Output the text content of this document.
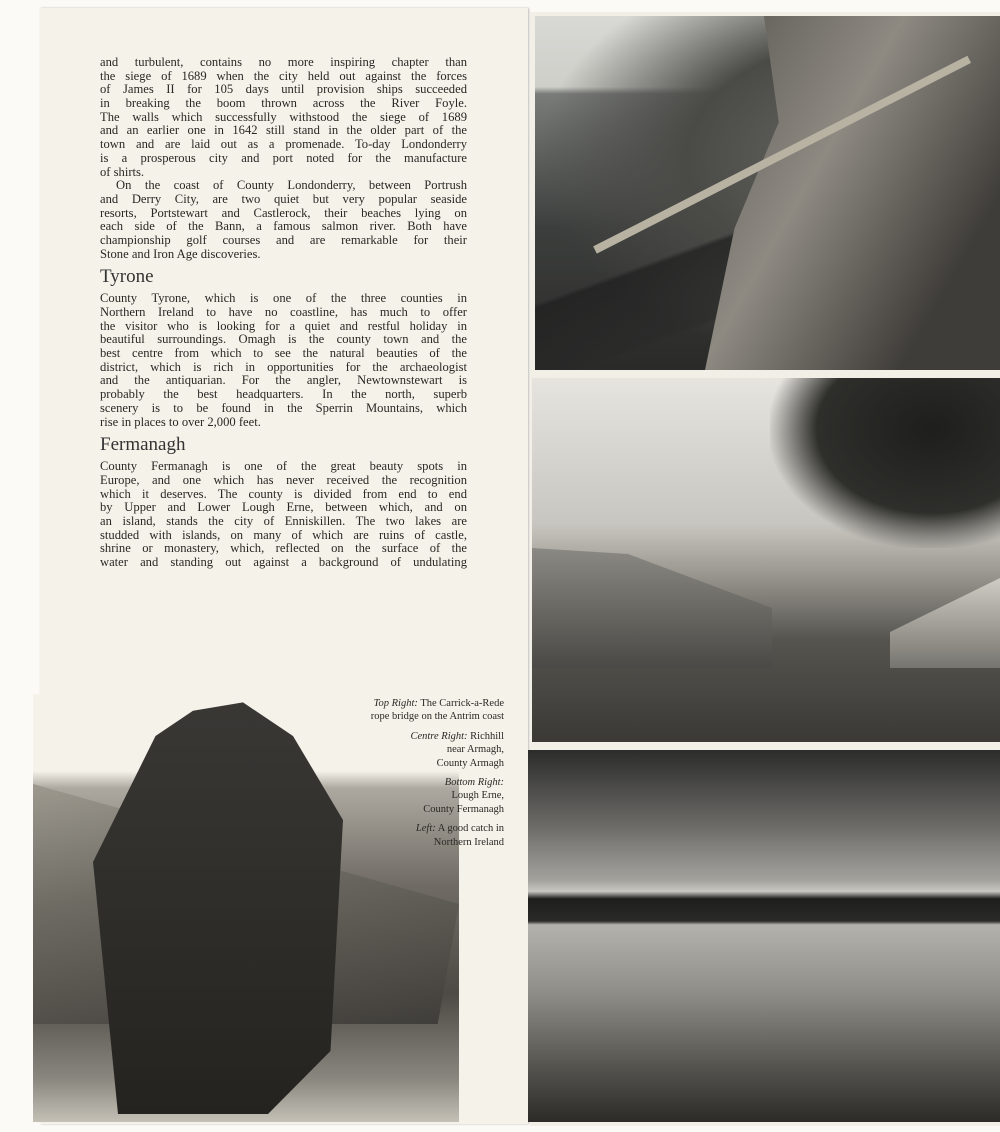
and turbulent, contains no more inspiring chapter than
the siege of 1689 when the city held out against the forces
of James II for 105 days until provision ships succeeded
in breaking the boom thrown across the River Foyle.
The walls which successfully withstood the siege of 1689
and an earlier one in 1642 still stand in the older part of the
town and are laid out as a promenade. To-day Londonderry
is a prosperous city and port noted for the manufacture
of shirts.
On the coast of County Londonderry, between Portrush
and Derry City, are two quiet but very popular seaside
resorts, Portstewart and Castlerock, their beaches lying on
each side of the Bann, a famous salmon river. Both have
championship golf courses and are remarkable for their
Stone and Iron Age discoveries.
Tyrone
County Tyrone, which is one of the three counties in
Northern Ireland to have no coastline, has much to offer
the visitor who is looking for a quiet and restful holiday in
beautiful surroundings. Omagh is the county town and the
best centre from which to see the natural beauties of the
district, which is rich in opportunities for the archaeologist
and the antiquarian. For the angler, Newtownstewart is
probably the best headquarters. In the north, superb
scenery is to be found in the Sperrin Mountains, which
rise in places to over 2,000 feet.
Fermanagh
County Fermanagh is one of the great beauty spots in
Europe, and one which has never received the recognition
which it deserves. The county is divided from end to end
by Upper and Lower Lough Erne, between which, and on
an island, stands the city of Enniskillen. The two lakes are
studded with islands, on many of which are ruins of castle,
shrine or monastery, which, reflected on the surface of the
water and standing out against a background of undulating
Top Right: The Carrick-a-Rede
rope bridge on the Antrim coast
Centre Right: Richhill
near Armagh,
County Armagh
Bottom Right:
Lough Erne,
County Fermanagh
Left: A good catch in
Northern Ireland
